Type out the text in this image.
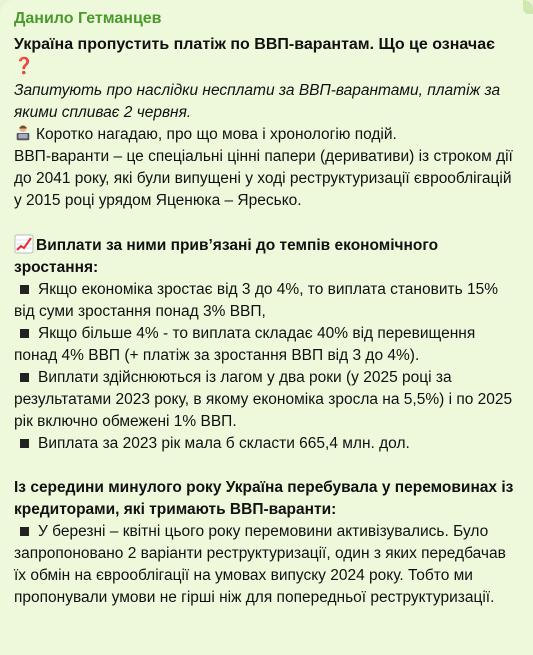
Данило Гетманцев
Україна пропустить платіж по ВВП-варантам. Що це означає
❓
Запитують про наслідки несплати за ВВП-варантами, платіж за якими спливає 2 червня.

Коротко нагадаю, про що мова і хронологію подій.

ВВП-варанти – це спеціальні цінні папери (деривативи) із строком дії до 2041 року, які були випущені у ході реструктуризації єврооблігацій у 2015 році урядом Яценюка – Яресько.

Виплати за ними прив’язані до темпів економічного зростання:

Якщо економіка зростає від 3 до 4%, то виплата становить 15% від суми зростання понад 3% ВВП,

Якщо більше 4% - то виплата складає 40% від перевищення понад 4% ВВП (+ платіж за зростання ВВП від 3 до 4%).

Виплати здійснюються із лагом у два роки (у 2025 році за результатами 2023 року, в якому економіка зросла на 5,5%) і по 2025 рік включно обмежені 1% ВВП.

Виплата за 2023 рік мала б скласти 665,4 млн. дол.

Із середини минулого року Україна перебувала у перемовинах із кредиторами, які тримають ВВП-варанти:

У березні – квітні цього року перемовини активізувались. Було запропоновано 2 варіанти реструктуризації, один з яких передбачав їх обмін на єврооблігації на умовах випуску 2024 року. Тобто ми пропонували умови не гірші ніж для попередньої реструктуризації.
